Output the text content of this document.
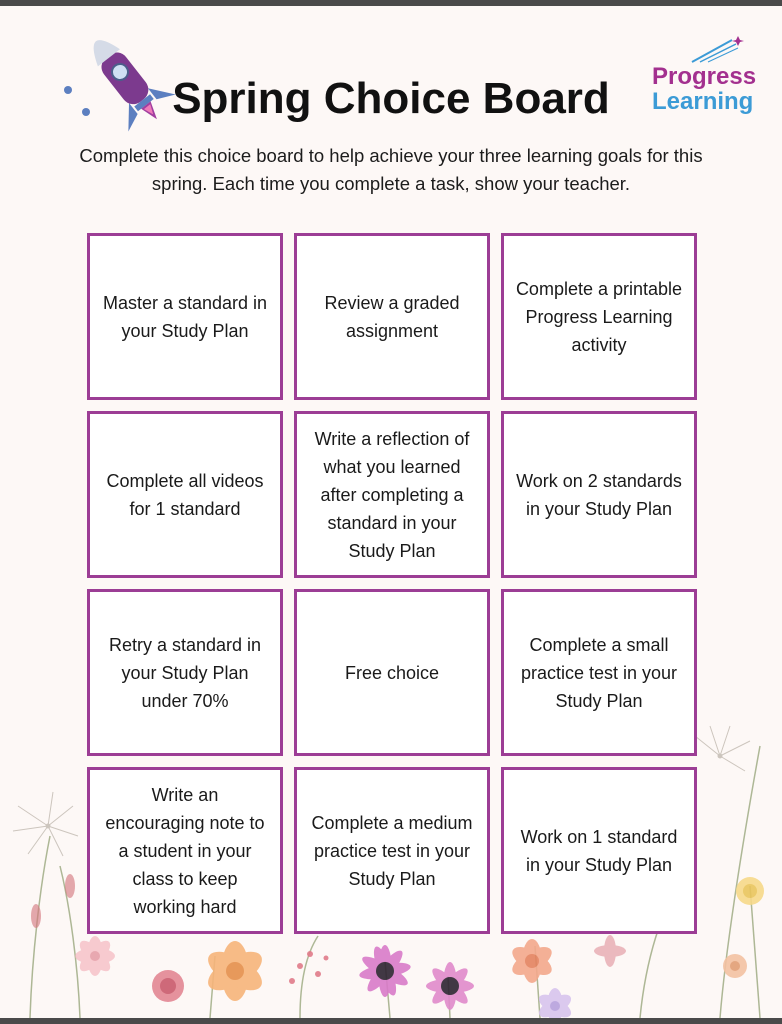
Spring Choice Board	Progress
Learning
Complete this choice board to help achieve your three learning goals for this spring. Each time you complete a task, show your teacher.
Master a standard in your Study Plan
Review a graded assignment
Complete a printable Progress Learning activity
Complete all videos for 1 standard
Write a reflection of what you learned after completing a standard in your Study Plan
Work on 2 standards in your Study Plan
Retry a standard in your Study Plan under 70%
Free choice
Complete a small practice test in your Study Plan
Write an encouraging note to a student in your class to keep working hard
Complete a medium practice test in your Study Plan
Work on 1 standard in your Study Plan
